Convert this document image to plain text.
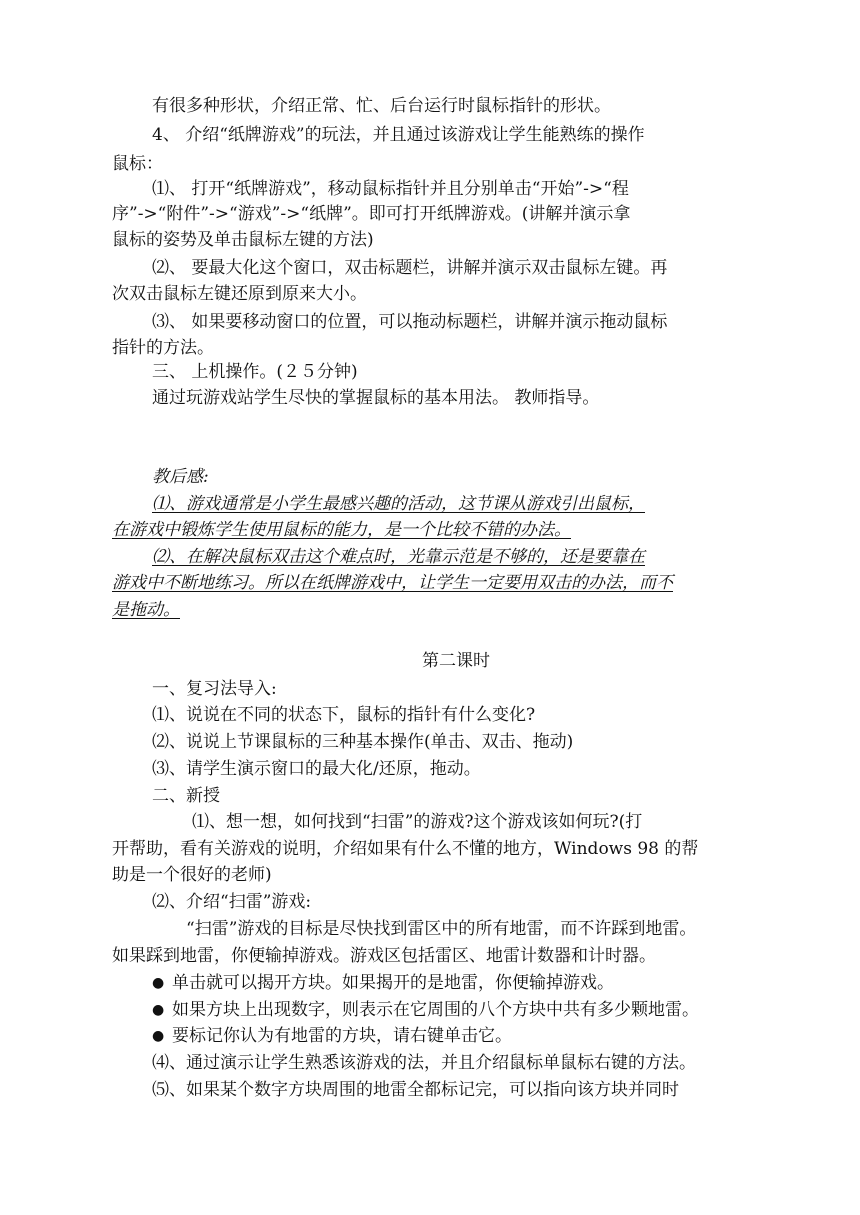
有很多种形状，介绍正常、忙、后台运行时鼠标指针的形状。
4、 介绍“纸牌游戏”的玩法，并且通过该游戏让学生能熟练的操作
鼠标：
⑴、 打开“纸牌游戏”，移动鼠标指针并且分别单击“开始”->“程
序”->“附件”->“游戏”->“纸牌”。即可打开纸牌游戏。(讲解并演示拿
鼠标的姿势及单击鼠标左键的方法)
⑵、 要最大化这个窗口，双击标题栏，讲解并演示双击鼠标左键。再
次双击鼠标左键还原到原来大小。
⑶、 如果要移动窗口的位置，可以拖动标题栏，讲解并演示拖动鼠标
指针的方法。
三、 上机操作。(２５分钟)
通过玩游戏站学生尽快的掌握鼠标的基本用法。 教师指导。
教后感:
⑴、游戏通常是小学生最感兴趣的活动，这节课从游戏引出鼠标，
在游戏中锻炼学生使用鼠标的能力，是一个比较不错的办法。
⑵、在解决鼠标双击这个难点时，光靠示范是不够的，还是要靠在
游戏中不断地练习。所以在纸牌游戏中，让学生一定要用双击的办法，而不
是拖动。
第二课时
一、复习法导入:
⑴、说说在不同的状态下，鼠标的指针有什么变化?
⑵、说说上节课鼠标的三种基本操作(单击、双击、拖动)
⑶、请学生演示窗口的最大化/还原，拖动。
二、新授
⑴、想一想，如何找到“扫雷”的游戏?这个游戏该如何玩?(打
开帮助，看有关游戏的说明，介绍如果有什么不懂的地方，Windows 98 的帮
助是一个很好的老师)
⑵、介绍“扫雷”游戏:
“扫雷”游戏的目标是尽快找到雷区中的所有地雷，而不许踩到地雷。
如果踩到地雷，你便输掉游戏。游戏区包括雷区、地雷计数器和计时器。
● 单击就可以揭开方块。如果揭开的是地雷，你便输掉游戏。
● 如果方块上出现数字，则表示在它周围的八个方块中共有多少颗地雷。
● 要标记你认为有地雷的方块，请右键单击它。
⑷、通过演示让学生熟悉该游戏的法，并且介绍鼠标单鼠标右键的方法。
⑸、如果某个数字方块周围的地雷全都标记完，可以指向该方块并同时
